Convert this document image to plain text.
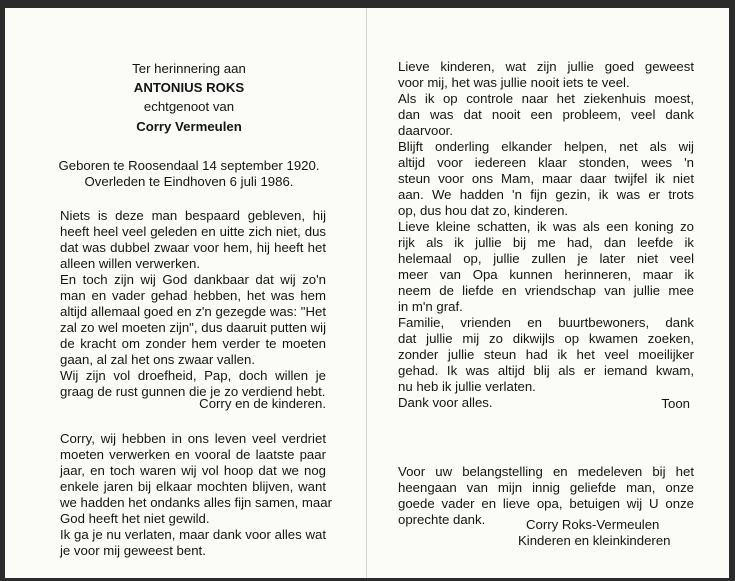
Ter herinnering aan
ANTONIUS ROKS
echtgenoot van
Corry Vermeulen
Geboren te Roosendaal 14 september 1920.
Overleden te Eindhoven 6 juli 1986.
Niets is deze man bespaard gebleven, hij
heeft heel veel geleden en uitte zich niet, dus
dat was dubbel zwaar voor hem, hij heeft het
alleen willen verwerken.
En toch zijn wij God dankbaar dat wij zo'n
man en vader gehad hebben, het was hem
altijd allemaal goed en z'n gezegde was: "Het
zal zo wel moeten zijn", dus daaruit putten wij
de kracht om zonder hem verder te moeten
gaan, al zal het ons zwaar vallen.
Wij zijn vol droefheid, Pap, doch willen je
graag de rust gunnen die je zo verdiend hebt.
Corry en de kinderen.
Corry, wij hebben in ons leven veel verdriet
moeten verwerken en vooral de laatste paar
jaar, en toch waren wij vol hoop dat we nog
enkele jaren bij elkaar mochten blijven, want
we hadden het ondanks alles fijn samen, maar
God heeft het niet gewild.
Ik ga je nu verlaten, maar dank voor alles wat
je voor mij geweest bent.
Lieve kinderen, wat zijn jullie goed geweest
voor mij, het was jullie nooit iets te veel.
Als ik op controle naar het ziekenhuis moest,
dan was dat nooit een probleem, veel dank
daarvoor.
Blijft onderling elkander helpen, net als wij
altijd voor iedereen klaar stonden, wees 'n
steun voor ons Mam, maar daar twijfel ik niet
aan. We hadden 'n fijn gezin, ik was er trots
op, dus hou dat zo, kinderen.
Lieve kleine schatten, ik was als een koning zo
rijk als ik jullie bij me had, dan leefde ik
helemaal op, jullie zullen je later niet veel
meer van Opa kunnen herinneren, maar ik
neem de liefde en vriendschap van jullie mee
in m'n graf.
Familie, vrienden en buurtbewoners, dank
dat jullie mij zo dikwijls op kwamen zoeken,
zonder jullie steun had ik het veel moeilijker
gehad. Ik was altijd blij als er iemand kwam,
nu heb ik jullie verlaten.
Dank voor alles.	Toon
Voor uw belangstelling en medeleven bij het
heengaan van mijn innig geliefde man, onze
goede vader en lieve opa, betuigen wij U onze
oprechte dank.	Corry Roks-Vermeulen
Kinderen en kleinkinderen
